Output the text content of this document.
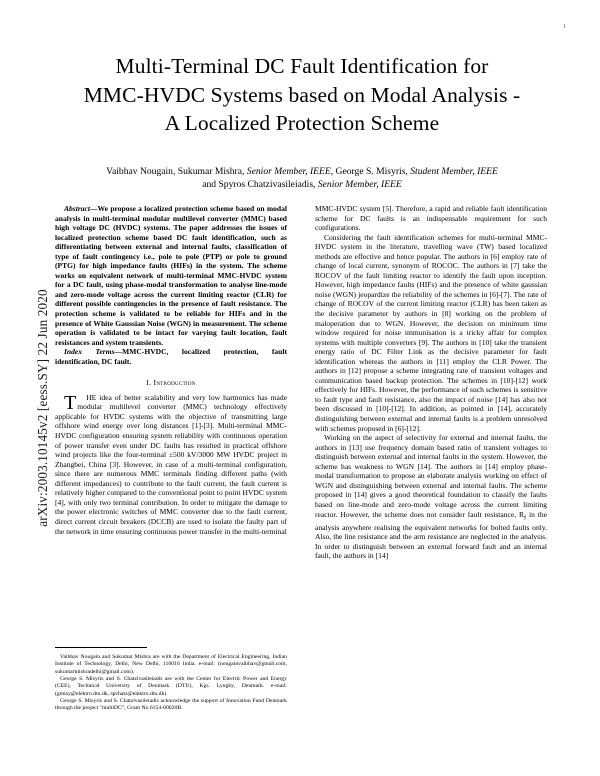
arXiv:2003.10145v2 [eess.SY] 22 Jun 2020
1
Multi-Terminal DC Fault Identification for
MMC-HVDC Systems based on Modal Analysis -
A Localized Protection Scheme
Vaibhav Nougain, Sukumar Mishra, Senior Member, IEEE, George S. Misyris, Student Member, IEEE
and Spyros Chatzivasileiadis, Senior Member, IEEE

Abstract—We propose a localized protection scheme based on modal analysis in multi-terminal modular multilevel converter (MMC) based high voltage DC (HVDC) systems. The paper addresses the issues of localized protection scheme based DC fault identification, such as differentiating between external and internal faults, classification of type of fault contingency i.e., pole to pole (PTP) or pole to ground (PTG) for high impedance faults (HIFs) in the system. The scheme works on equivalent network of multi-terminal MMC-HVDC system for a DC fault, using phase-modal transformation to analyse line-mode and zero-mode voltage across the current limiting reactor (CLR) for different possible contingencies in the presence of fault resistance. The protection scheme is validated to be reliable for HIFs and in the presence of White Gaussian Noise (WGN) in measurement. The scheme operation is validated to be intact for varying fault location, fault resistances and system transients.

Index Terms—MMC-HVDC, localized protection, fault identification, DC fault.

I. Introduction

T HE idea of better scalability and very low harmonics has made modular multilevel converter (MMC) technology effectively applicable for HVDC systems with the objective of transmitting large offshore wind energy over long distances [1]-[3]. Multi-terminal MMC-HVDC configuration ensuring system reliability with continuous operation of power transfer even under DC faults has resulted in practical offshore wind projects like the four-terminal ±500 kV/3000 MW HVDC project in Zhangbei, China [3]. However, in case of a multi-terminal configuration, since there are numerous MMC terminals finding different paths (with different impedances) to contribute to the fault current, the fault current is relatively higher compared to the conventional point to point HVDC system [4], with only two terminal contribution. In order to mitigate the damage to the power electronic switches of MMC converter due to the fault current, direct current circuit breakers (DCCB) are used to isolate the faulty part of the network in time ensuring continuous power transfer in the multi-terminal

Vaibhav Nougain and Sukumar Mishra are with the Department of Electrical Engineering, Indian Institute of Technology, Delhi, New Delhi, 110016 India. e-mail: (nougainvaibhav@gmail.com, sukumarmishradelhi@gmail.com).

George S. Misyris and S. Chatzivasileiadis are with the Center for Electric Power and Energy (CEE), Technical University of Denmark (DTU), Kgs. Lyngby, Denmark. e-mail: (gmisy@elektro.dtu.dk, spchatz@elektro.dtu.dk).

George S. Misyris and S. Chatzivasileiadis acknowledge the support of Innovation Fund Denmark through the project "multiDC", Grant No 6154-00020B.

MMC-HVDC system [5]. Therefore, a rapid and reliable fault identification scheme for DC faults is an indispensable requirement for such configurations.

Considering the fault identification schemes for multi-terminal MMC-HVDC system in the literature, travelling wave (TW) based localized methods are effective and hence popular. The authors in [6] employ rate of change of local current, synonym of ROCOC. The authors in [7] take the ROCOV of the fault limiting reactor to identify the fault upon inception. However, high impedance faults (HIFs) and the presence of white gaussian noise (WGN) jeopardize the reliability of the schemes in [6]-[7]. The rate of change of ROCOV of the current limiting reactor (CLR) has been taken as the decisive parameter by authors in [8] working on the problem of maloperation due to WGN. However, the decision on minimum time window required for noise immunisation is a tricky affair for complex systems with multiple converters [9]. The authors in [10] take the transient energy ratio of DC Filter Link as the decisive parameter for fault identification whereas the authors in [11] employ the CLR Power. The authors in [12] propose a scheme integrating rate of transient voltages and communication based backup protection. The schemes in [10]-[12] work effectively for HIFs. However, the performance of such schemes is sensitive to fault type and fault resistance, also the impact of noise [14] has also not been discussed in [10]-[12]. In addition, as pointed in [14], accurately distinguishing between external and internal faults is a problem unresolved with schemes proposed in [6]-[12].

Working on the aspect of selectivity for external and internal faults, the authors in [13] use frequency domain based ratio of transient voltages to distinguish between external and internal faults in the system. However, the scheme has weakness to WGN [14]. The authors in [14] employ phase-modal transformation to propose an elaborate analysis working on effect of WGN and distinguishing between external and internal faults. The scheme proposed in [14] gives a good theoretical foundation to classify the faults based on line-mode and zero-mode voltage across the current limiting reactor. However, the scheme does not consider fault resistance, $R_f$ in the analysis anywhere realising the equivalent networks for bolted faults only. Also, the line resistance and the arm resistance are neglected in the analysis. In order to distinguish between an external forward fault and an internal fault, the authors in [14]
